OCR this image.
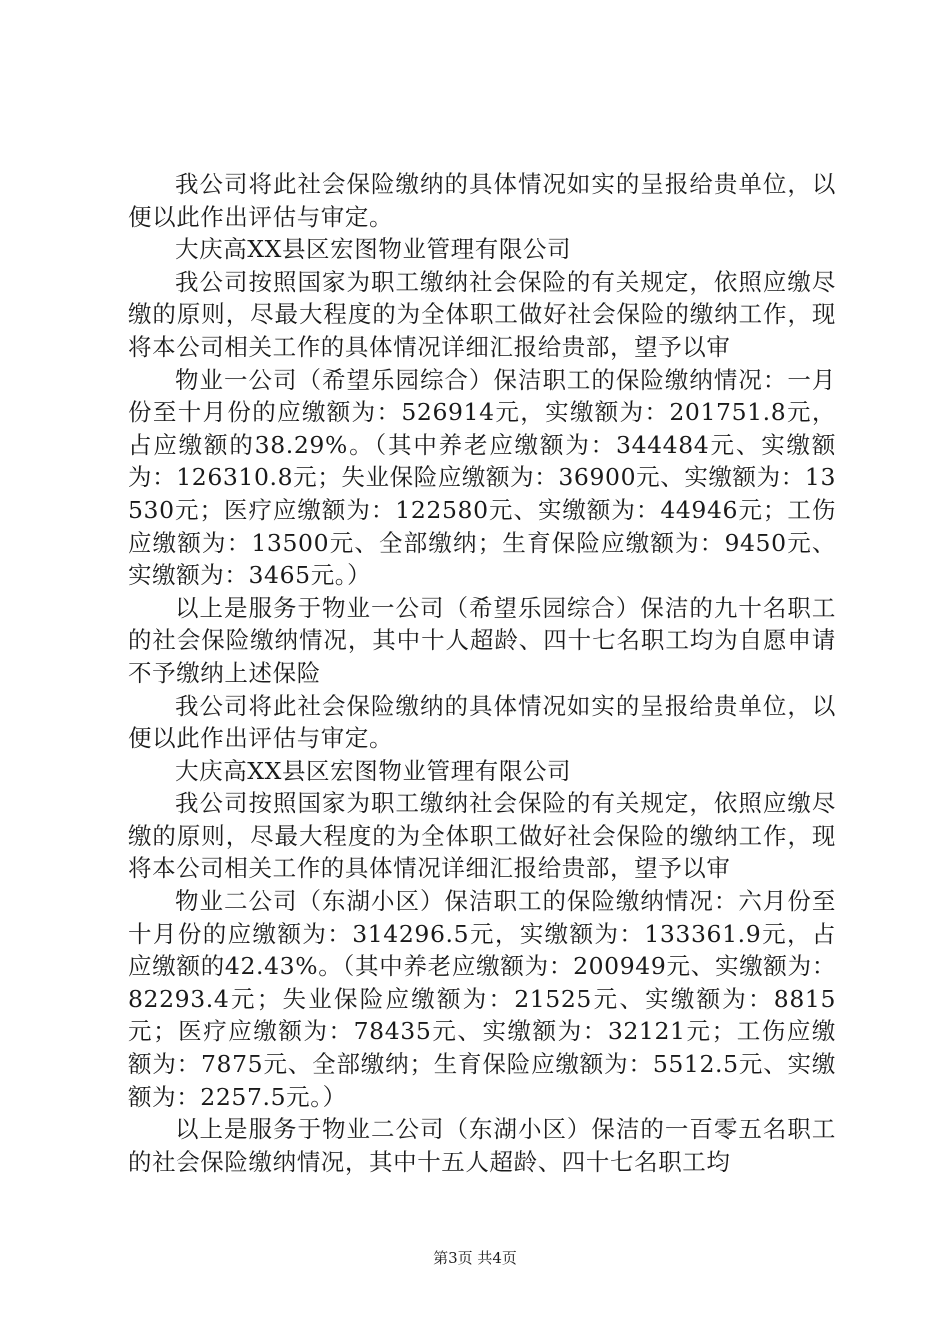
我公司将此社会保险缴纳的具体情况如实的呈报给贵单位，以便以此作出评估与审定。

大庆高XX县区宏图物业管理有限公司

我公司按照国家为职工缴纳社会保险的有关规定，依照应缴尽缴的原则，尽最大程度的为全体职工做好社会保险的缴纳工作，现将本公司相关工作的具体情况详细汇报给贵部，望予以审

物业一公司（希望乐园综合）保洁职工的保险缴纳情况：一月份至十月份的应缴额为：526914元，实缴额为：201751.8元，占应缴额的38.29%。（其中养老应缴额为：344484元、实缴额为：126310.8元；失业保险应缴额为：36900元、实缴额为：13530元；医疗应缴额为：122580元、实缴额为：44946元；工伤应缴额为：13500元、全部缴纳；生育保险应缴额为：9450元、实缴额为：3465元。）

以上是服务于物业一公司（希望乐园综合）保洁的九十名职工的社会保险缴纳情况，其中十人超龄、四十七名职工均为自愿申请不予缴纳上述保险

我公司将此社会保险缴纳的具体情况如实的呈报给贵单位，以便以此作出评估与审定。

大庆高XX县区宏图物业管理有限公司

我公司按照国家为职工缴纳社会保险的有关规定，依照应缴尽缴的原则，尽最大程度的为全体职工做好社会保险的缴纳工作，现将本公司相关工作的具体情况详细汇报给贵部，望予以审

物业二公司（东湖小区）保洁职工的保险缴纳情况：六月份至十月份的应缴额为：314296.5元，实缴额为：133361.9元，占应缴额的42.43%。（其中养老应缴额为：200949元、实缴额为：82293.4元；失业保险应缴额为：21525元、实缴额为：8815元；医疗应缴额为：78435元、实缴额为：32121元；工伤应缴额为：7875元、全部缴纳；生育保险应缴额为：5512.5元、实缴额为：2257.5元。）

以上是服务于物业二公司（东湖小区）保洁的一百零五名职工的社会保险缴纳情况，其中十五人超龄、四十七名职工均

第3页 共4页
